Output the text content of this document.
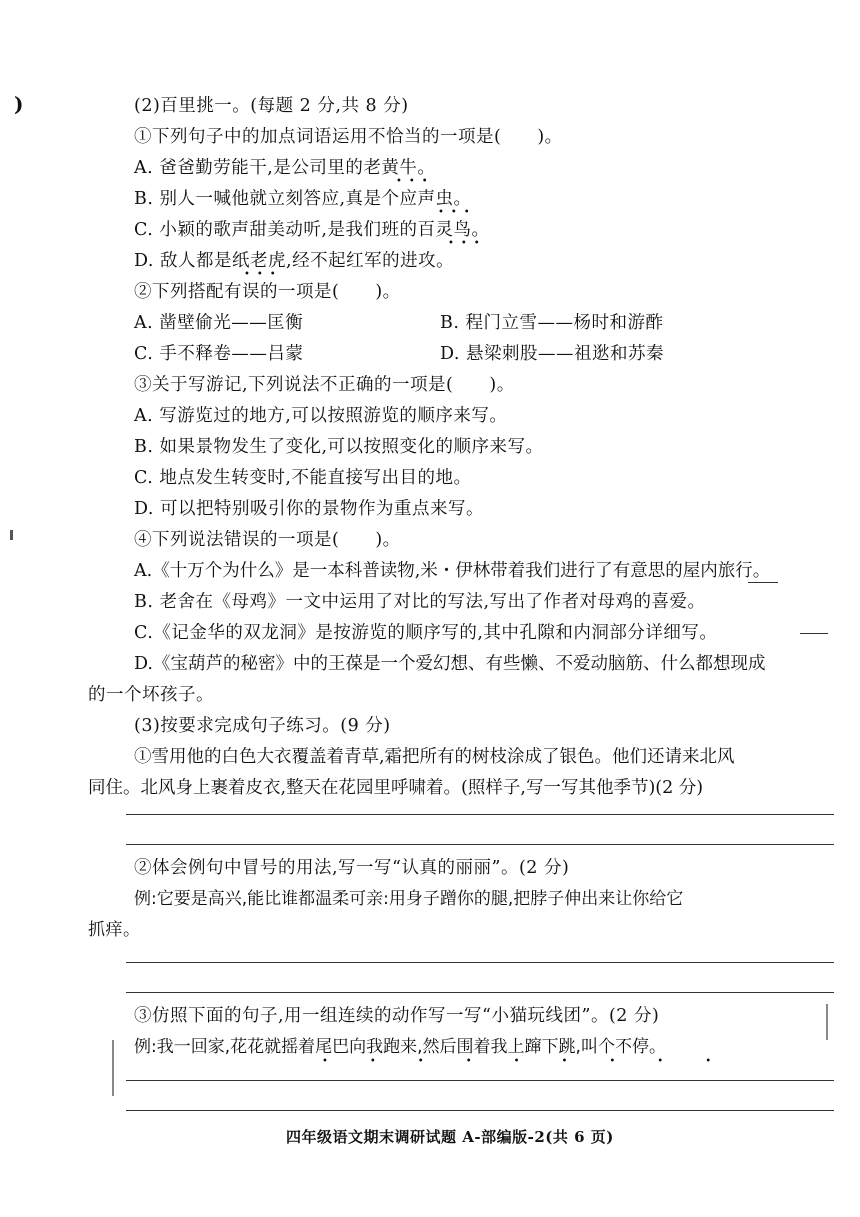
)	(2)百里挑一。(每题 2 分,共 8 分)
①下列句子中的加点词语运用不恰当的一项是(　　)。
A. 爸爸勤劳能干,是公司里的老黄牛。
•••
B. 别人一喊他就立刻答应,真是个应声虫。
•••
C. 小颖的歌声甜美动听,是我们班的百灵鸟。
•••
D. 敌人都是纸老虎,经不起红军的进攻。
•••
②下列搭配有误的一项是(　　)。
A. 凿壁偷光——匡衡	B. 程门立雪——杨时和游酢
C. 手不释卷——吕蒙	D. 悬梁刺股——祖逖和苏秦
③关于写游记,下列说法不正确的一项是(　　)。
A. 写游览过的地方,可以按照游览的顺序来写。
B. 如果景物发生了变化,可以按照变化的顺序来写。
C. 地点发生转变时,不能直接写出目的地。
D. 可以把特别吸引你的景物作为重点来写。
④下列说法错误的一项是(　　)。
A.《十万个为什么》是一本科普读物,米・伊林带着我们进行了有意思的屋内旅行。
B. 老舍在《母鸡》一文中运用了对比的写法,写出了作者对母鸡的喜爱。
C.《记金华的双龙洞》是按游览的顺序写的,其中孔隙和内洞部分详细写。
D.《宝葫芦的秘密》中的王葆是一个爱幻想、有些懒、不爱动脑筋、什么都想现成
的一个坏孩子。
(3)按要求完成句子练习。(9 分)
①雪用他的白色大衣覆盖着青草,霜把所有的树枝涂成了银色。他们还请来北风
同住。北风身上裹着皮衣,整天在花园里呼啸着。(照样子,写一写其他季节)(2 分)
②体会例句中冒号的用法,写一写“认真的丽丽”。(2 分)
例:它要是高兴,能比谁都温柔可亲:用身子蹭你的腿,把脖子伸出来让你给它
抓痒。
③仿照下面的句子,用一组连续的动作写一写“小猫玩线团”。(2 分)
例:我一回家,花花就摇着尾巴向我跑来,然后围着我上蹿下跳,叫个不停。
•••••••••
四年级语文期末调研试题 A-部编版-2(共 6 页)
